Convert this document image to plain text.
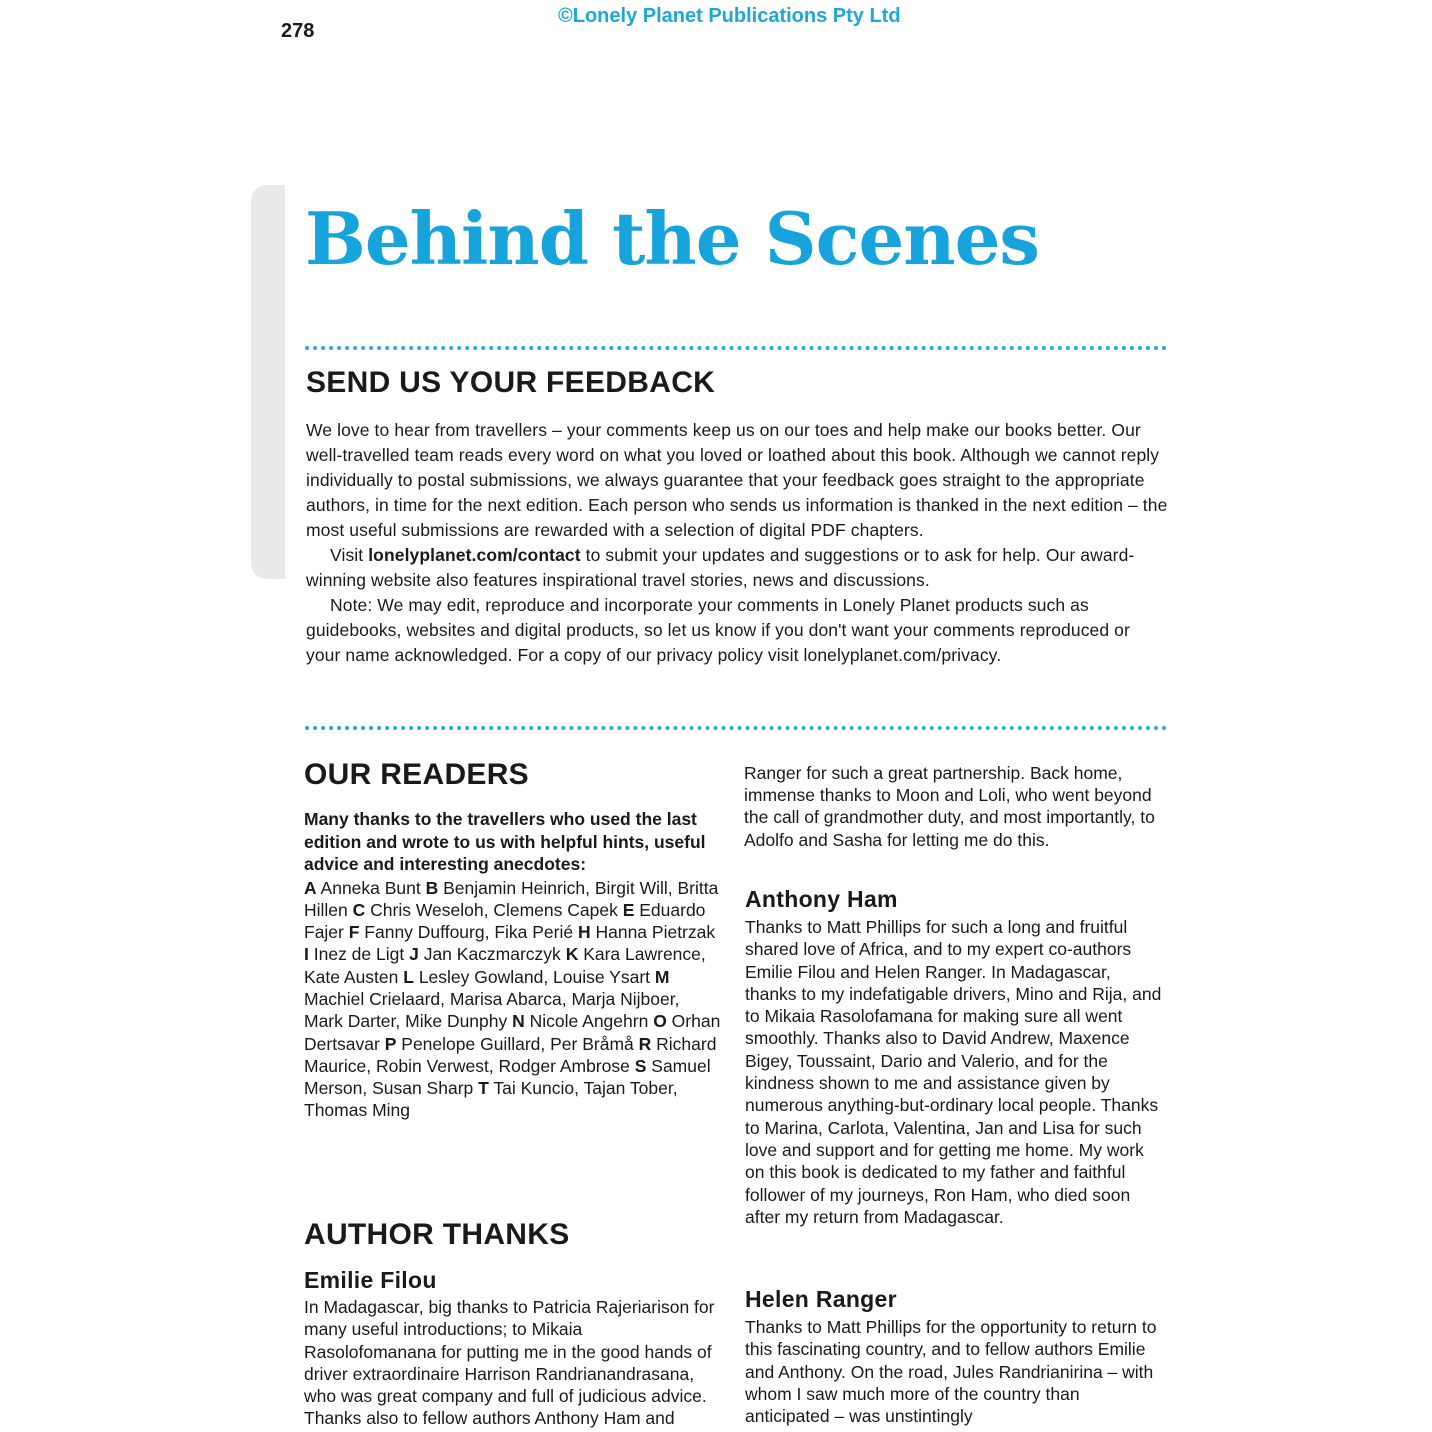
278
©Lonely Planet Publications Pty Ltd
Behind the Scenes
SEND US YOUR FEEDBACK

We love to hear from travellers – your comments keep us on our toes and help make our books better. Our well-travelled team reads every word on what you loved or loathed about this book. Although we cannot reply individually to postal submissions, we always guarantee that your feedback goes straight to the appropriate authors, in time for the next edition. Each person who sends us information is thanked in the next edition – the most useful submissions are rewarded with a selection of digital PDF chapters.

Visit lonelyplanet.com/contact to submit your updates and suggestions or to ask for help. Our award-winning website also features inspirational travel stories, news and discussions.

Note: We may edit, reproduce and incorporate your comments in Lonely Planet products such as guidebooks, websites and digital products, so let us know if you don't want your comments reproduced or your name acknowledged. For a copy of our privacy policy visit lonelyplanet.com/privacy.

OUR READERS

Many thanks to the travellers who used the last edition and wrote to us with helpful hints, useful advice and interesting anecdotes:

A Anneka Bunt B Benjamin Heinrich, Birgit Will, Britta Hillen C Chris Weseloh, Clemens Capek E Eduardo Fajer F Fanny Duffourg, Fika Perié H Hanna Pietrzak I Inez de Ligt J Jan Kaczmarczyk K Kara Lawrence, Kate Austen L Lesley Gowland, Louise Ysart M Machiel Crielaard, Marisa Abarca, Marja Nijboer, Mark Darter, Mike Dunphy N Nicole Angehrn O Orhan Dertsavar P Penelope Guillard, Per Bråmå R Richard Maurice, Robin Verwest, Rodger Ambrose S Samuel Merson, Susan Sharp T Tai Kuncio, Tajan Tober, Thomas Ming

AUTHOR THANKS
Emilie Filou

In Madagascar, big thanks to Patricia Rajeriarison for many useful introductions; to Mikaia Rasolofomanana for putting me in the good hands of driver extraordinaire Harrison Randrianandrasana, who was great company and full of judicious advice. Thanks also to fellow authors Anthony Ham and

Ranger for such a great partnership. Back home, immense thanks to Moon and Loli, who went beyond the call of grandmother duty, and most importantly, to Adolfo and Sasha for letting me do this.

Anthony Ham

Thanks to Matt Phillips for such a long and fruitful shared love of Africa, and to my expert co-authors Emilie Filou and Helen Ranger. In Madagascar, thanks to my indefatigable drivers, Mino and Rija, and to Mikaia Rasolofamana for making sure all went smoothly. Thanks also to David Andrew, Maxence Bigey, Toussaint, Dario and Valerio, and for the kindness shown to me and assistance given by numerous anything-but-ordinary local people. Thanks to Marina, Carlota, Valentina, Jan and Lisa for such love and support and for getting me home. My work on this book is dedicated to my father and faithful follower of my journeys, Ron Ham, who died soon after my return from Madagascar.

Helen Ranger

Thanks to Matt Phillips for the opportunity to return to this fascinating country, and to fellow authors Emilie and Anthony. On the road, Jules Randrianirina – with whom I saw much more of the country than anticipated – was unstintingly
